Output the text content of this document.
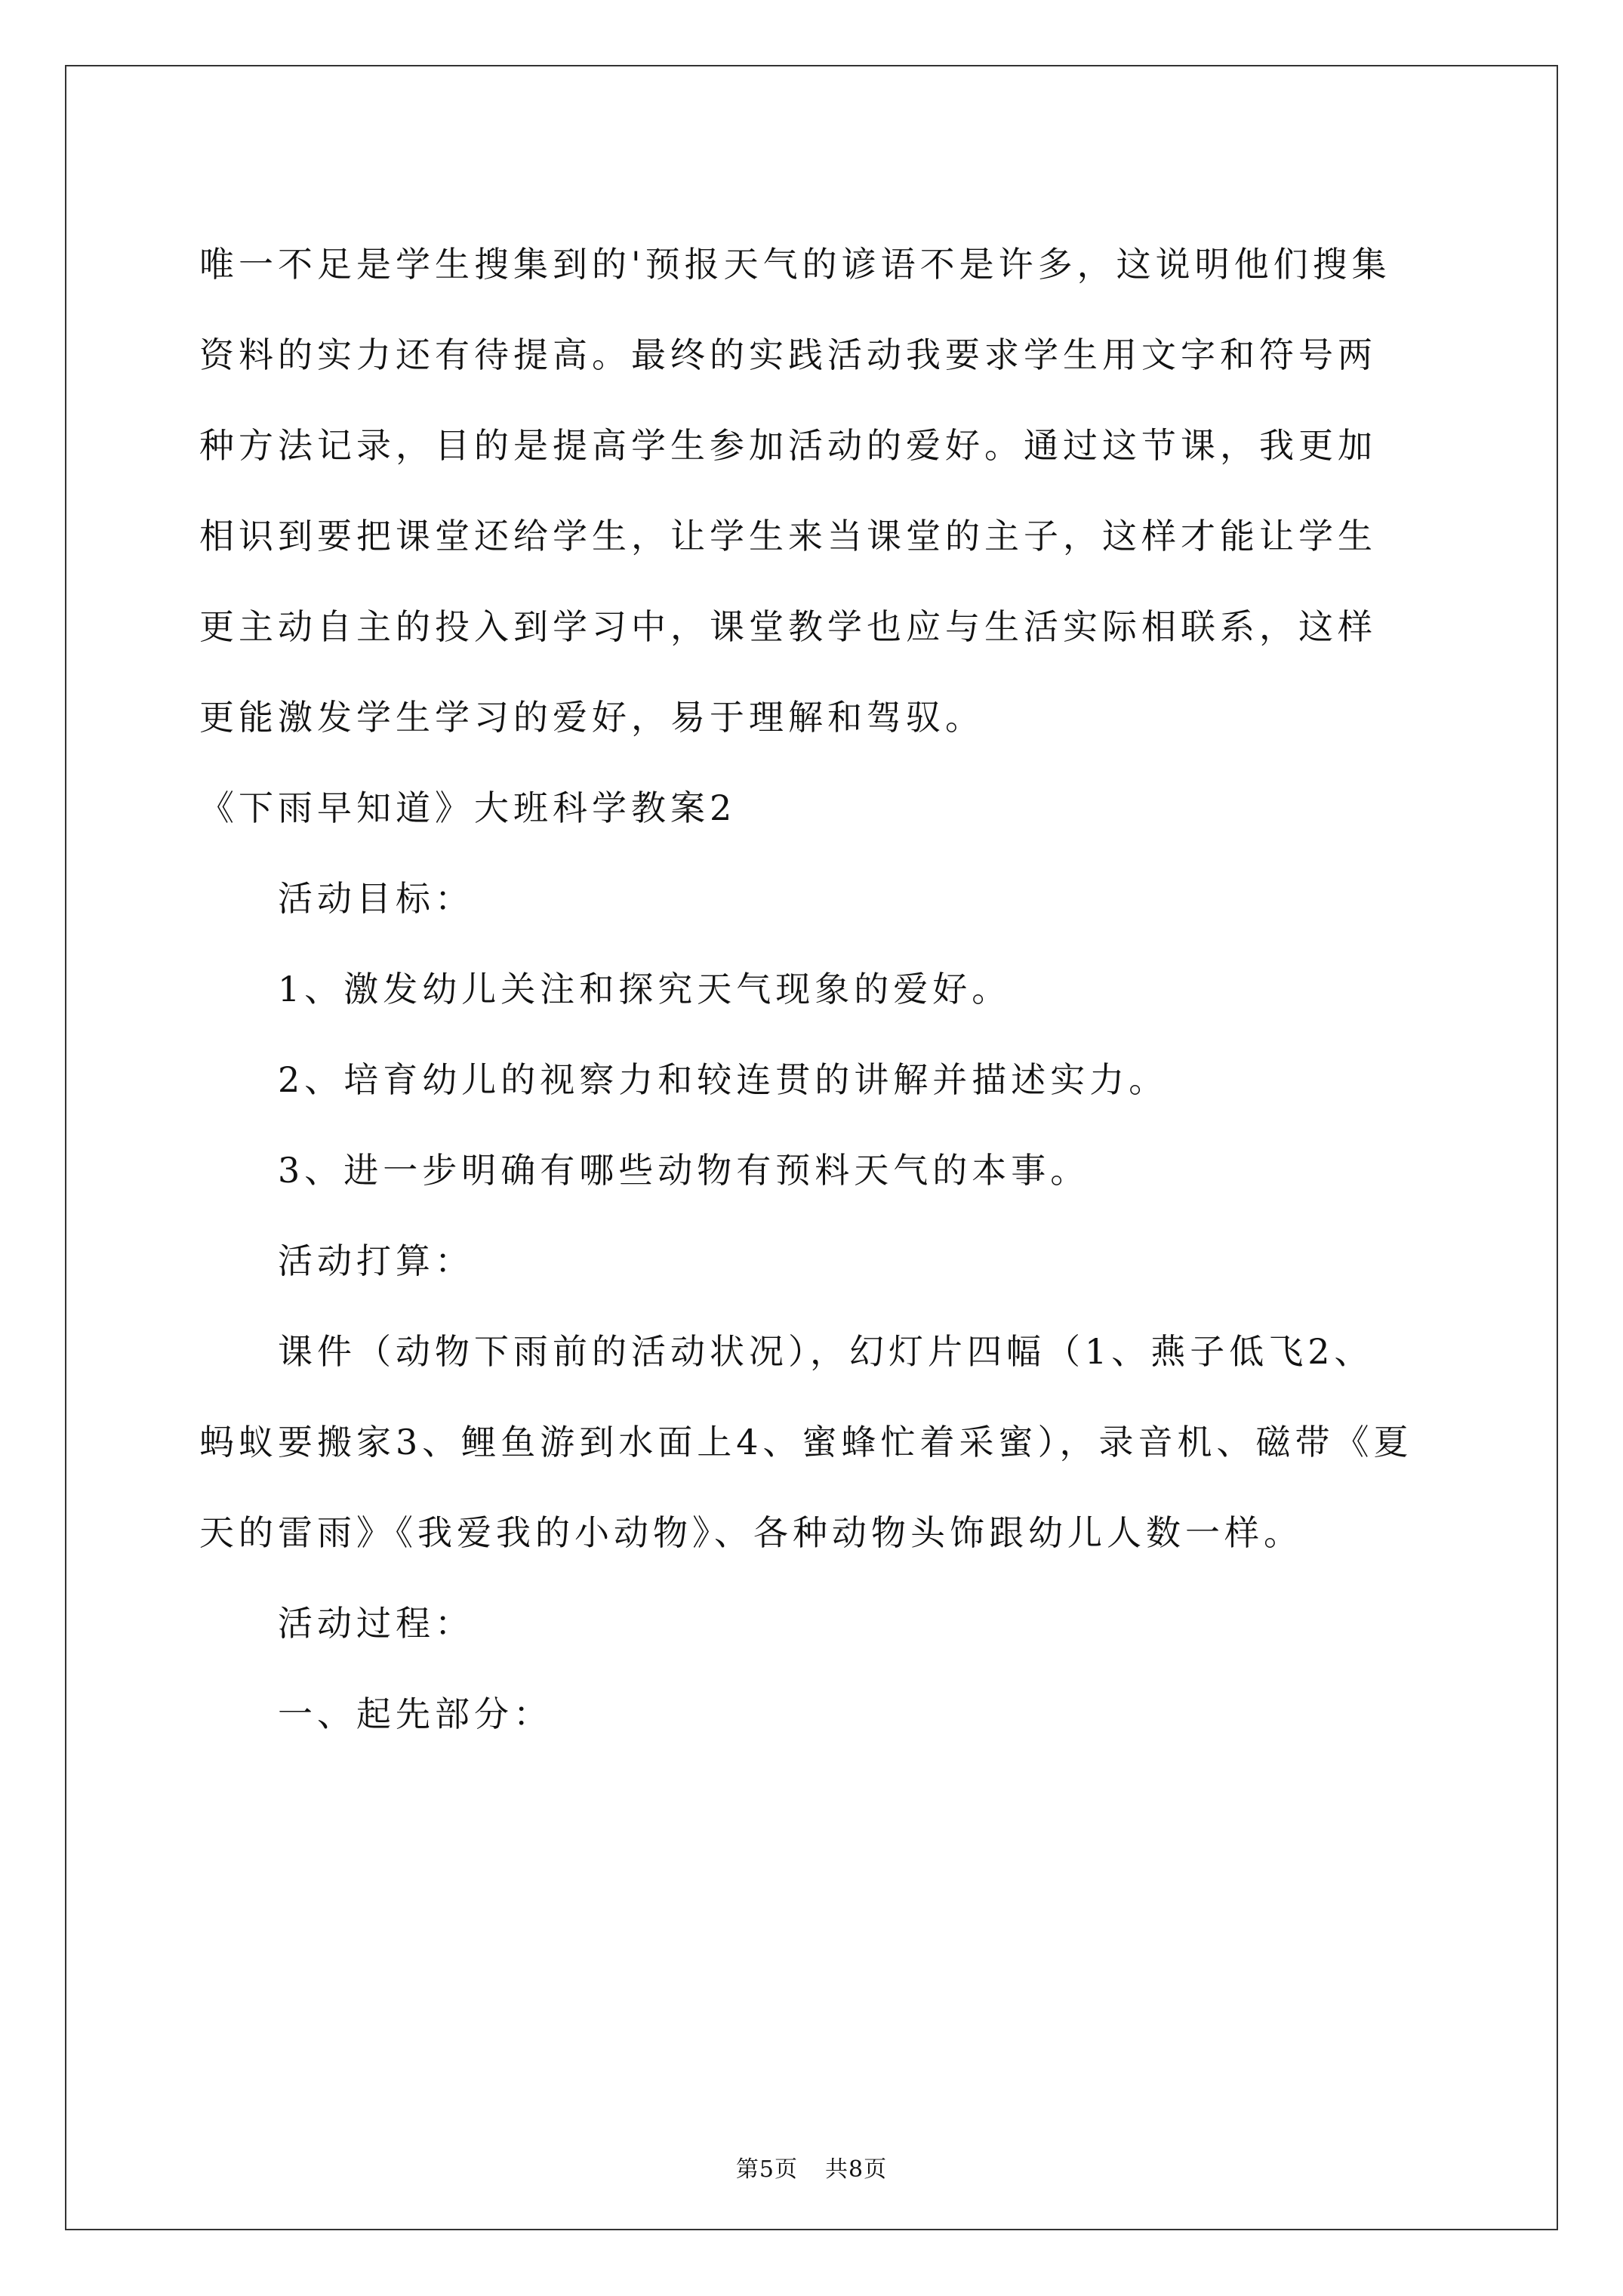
唯一不足是学生搜集到的'预报天气的谚语不是许多，这说明他们搜集
资料的实力还有待提高。最终的实践活动我要求学生用文字和符号两
种方法记录，目的是提高学生参加活动的爱好。通过这节课，我更加
相识到要把课堂还给学生，让学生来当课堂的主子，这样才能让学生
更主动自主的投入到学习中，课堂教学也应与生活实际相联系，这样
更能激发学生学习的爱好，易于理解和驾驭。
《下雨早知道》大班科学教案2
活动目标：
1、激发幼儿关注和探究天气现象的爱好。
2、培育幼儿的视察力和较连贯的讲解并描述实力。
3、进一步明确有哪些动物有预料天气的本事。
活动打算：
课件（动物下雨前的活动状况），幻灯片四幅（1、燕子低飞2、
蚂蚁要搬家3、鲤鱼游到水面上4、蜜蜂忙着采蜜），录音机、磁带《夏
天的雷雨》《我爱我的小动物》、各种动物头饰跟幼儿人数一样。
活动过程：
一、起先部分：
第5页 共8页
